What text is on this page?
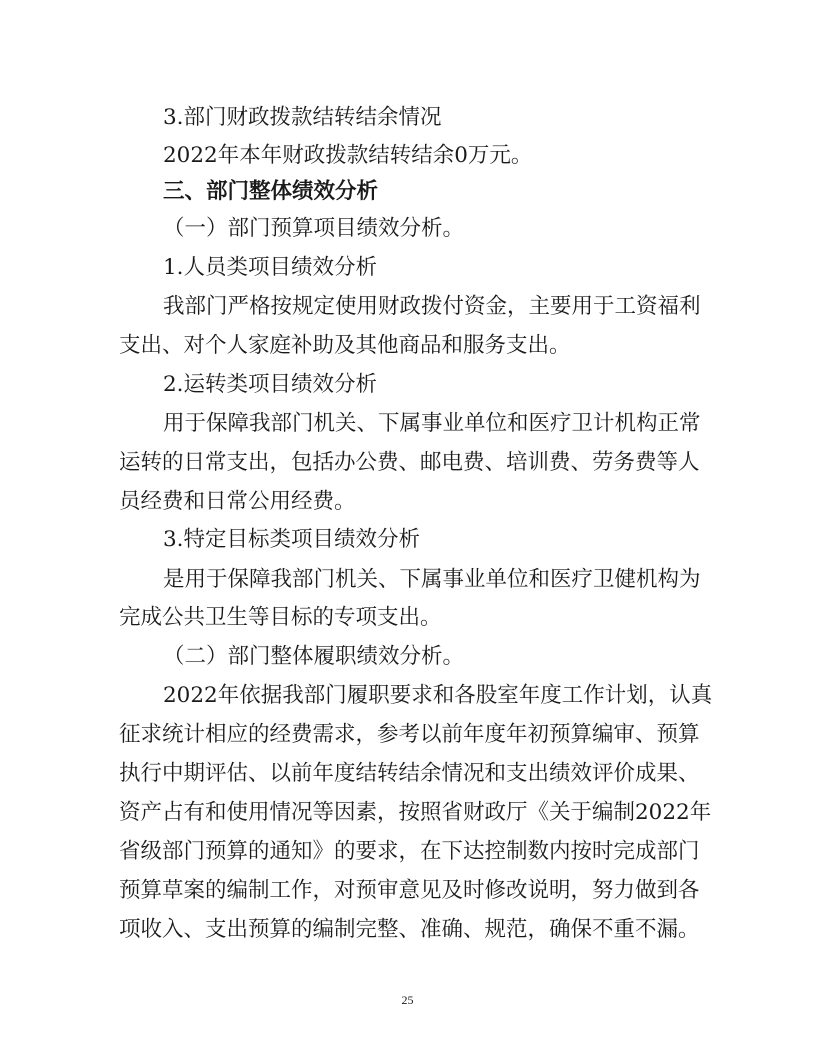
3.部门财政拨款结转结余情况
2022年本年财政拨款结转结余0万元。
三、部门整体绩效分析
（一）部门预算项目绩效分析。
1.人员类项目绩效分析
我部门严格按规定使用财政拨付资金，主要用于工资福利
支出、对个人家庭补助及其他商品和服务支出。
2.运转类项目绩效分析
用于保障我部门机关、下属事业单位和医疗卫计机构正常
运转的日常支出，包括办公费、邮电费、培训费、劳务费等人
员经费和日常公用经费。
3.特定目标类项目绩效分析
是用于保障我部门机关、下属事业单位和医疗卫健机构为
完成公共卫生等目标的专项支出。
（二）部门整体履职绩效分析。
2022年依据我部门履职要求和各股室年度工作计划，认真
征求统计相应的经费需求，参考以前年度年初预算编审、预算
执行中期评估、以前年度结转结余情况和支出绩效评价成果、
资产占有和使用情况等因素，按照省财政厅《关于编制2022年
省级部门预算的通知》的要求，在下达控制数内按时完成部门
预算草案的编制工作，对预审意见及时修改说明，努力做到各
项收入、支出预算的编制完整、准确、规范，确保不重不漏。
25
